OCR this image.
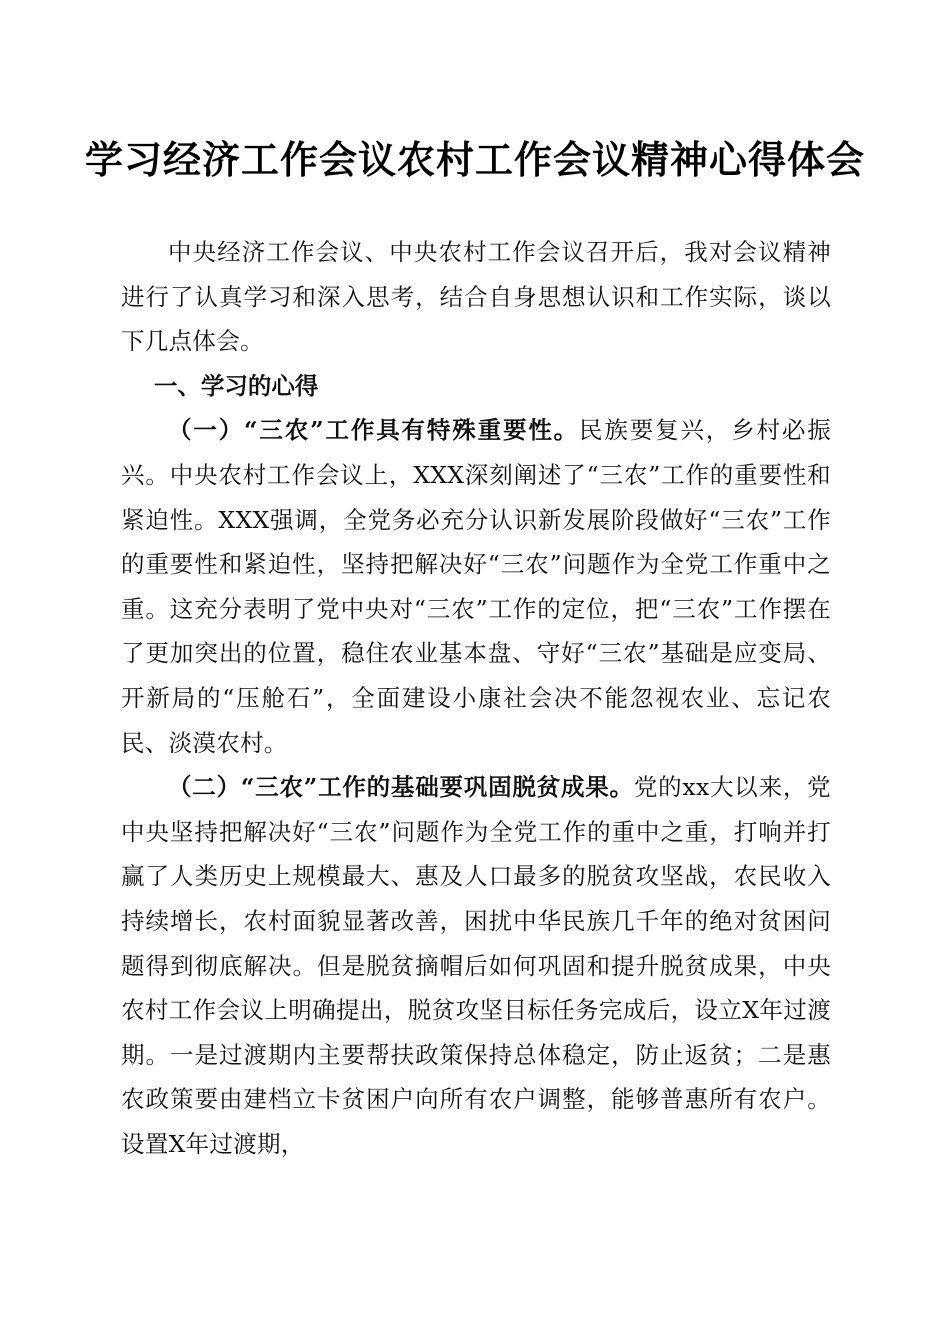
学习经济工作会议农村工作会议精神心得体会

中央经济工作会议、中央农村工作会议召开后，我对会议精神进行了认真学习和深入思考，结合自身思想认识和工作实际，谈以下几点体会。

一、学习的心得

（一）“三农”工作具有特殊重要性。民族要复兴，乡村必振兴。中央农村工作会议上，XXX深刻阐述了“三农”工作的重要性和紧迫性。XXX强调，全党务必充分认识新发展阶段做好“三农”工作的重要性和紧迫性，坚持把解决好“三农”问题作为全党工作重中之重。这充分表明了党中央对“三农”工作的定位，把“三农”工作摆在了更加突出的位置，稳住农业基本盘、守好“三农”基础是应变局、开新局的“压舱石”，全面建设小康社会决不能忽视农业、忘记农民、淡漠农村。

（二）“三农”工作的基础要巩固脱贫成果。党的xx大以来，党中央坚持把解决好“三农”问题作为全党工作的重中之重，打响并打赢了人类历史上规模最大、惠及人口最多的脱贫攻坚战，农民收入持续增长，农村面貌显著改善，困扰中华民族几千年的绝对贫困问题得到彻底解决。但是脱贫摘帽后如何巩固和提升脱贫成果，中央农村工作会议上明确提出，脱贫攻坚目标任务完成后，设立X年过渡期。一是过渡期内主要帮扶政策保持总体稳定，防止返贫；二是惠农政策要由建档立卡贫困户向所有农户调整，能够普惠所有农户。设置X年过渡期，
